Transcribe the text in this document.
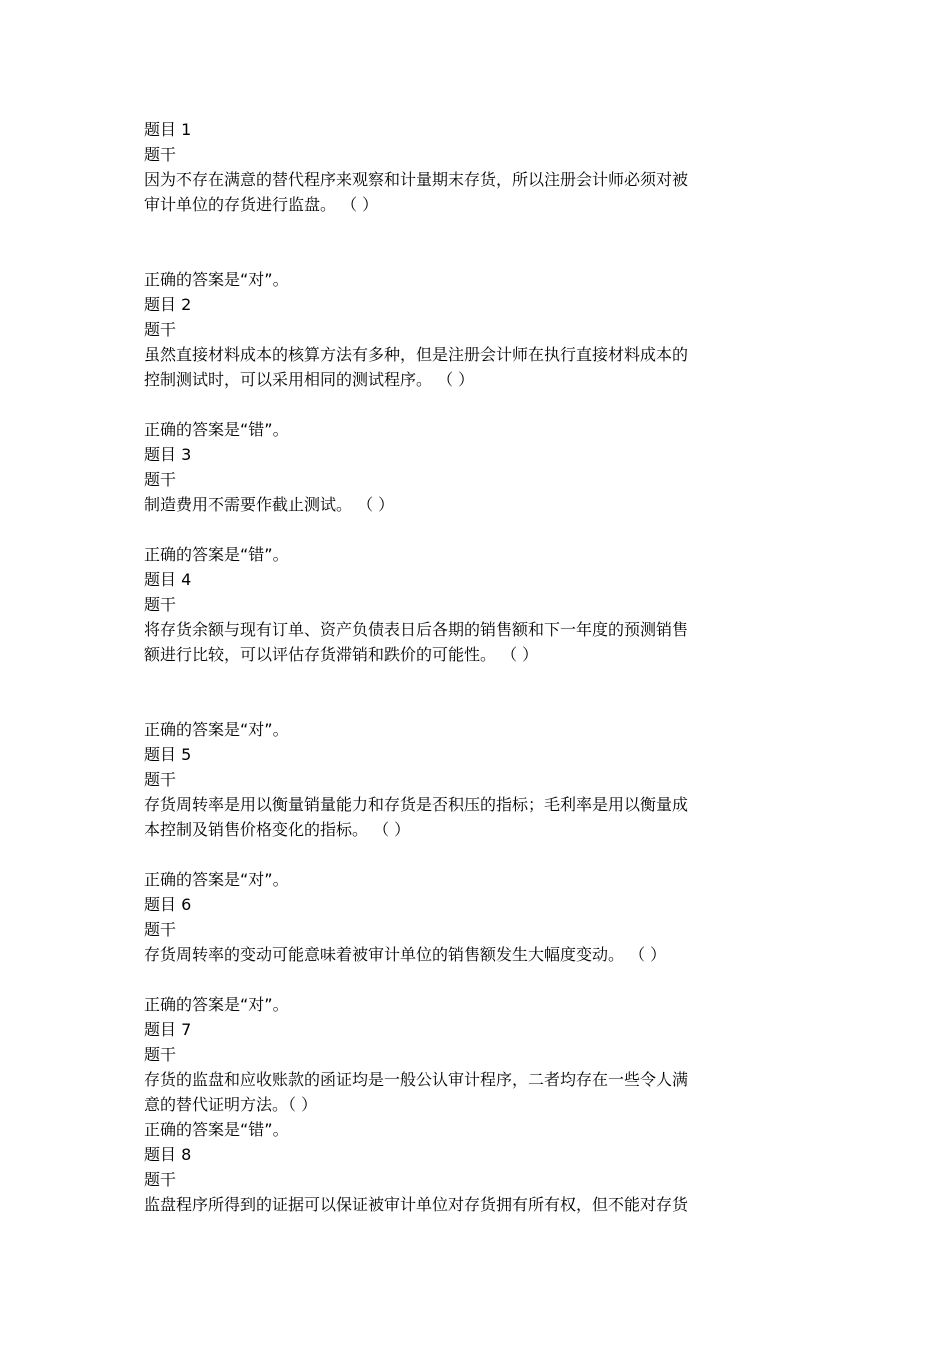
题目 1
题干
因为不存在满意的替代程序来观察和计量期末存货，所以注册会计师必须对被
审计单位的存货进行监盘。 （ ）
正确的答案是“对”。
题目 2
题干
虽然直接材料成本的核算方法有多种，但是注册会计师在执行直接材料成本的
控制测试时，可以采用相同的测试程序。 （ ）
正确的答案是“错”。
题目 3
题干
制造费用不需要作截止测试。 （ ）
正确的答案是“错”。
题目 4
题干
将存货余额与现有订单、资产负债表日后各期的销售额和下一年度的预测销售
额进行比较，可以评估存货滞销和跌价的可能性。 （ ）
正确的答案是“对”。
题目 5
题干
存货周转率是用以衡量销量能力和存货是否积压的指标；毛利率是用以衡量成
本控制及销售价格变化的指标。 （ ）
正确的答案是“对”。
题目 6
题干
存货周转率的变动可能意味着被审计单位的销售额发生大幅度变动。 （ ）
正确的答案是“对”。
题目 7
题干
存货的监盘和应收账款的函证均是一般公认审计程序，二者均存在一些令人满
意的替代证明方法。（ ）
正确的答案是“错”。
题目 8
题干
监盘程序所得到的证据可以保证被审计单位对存货拥有所有权，但不能对存货
